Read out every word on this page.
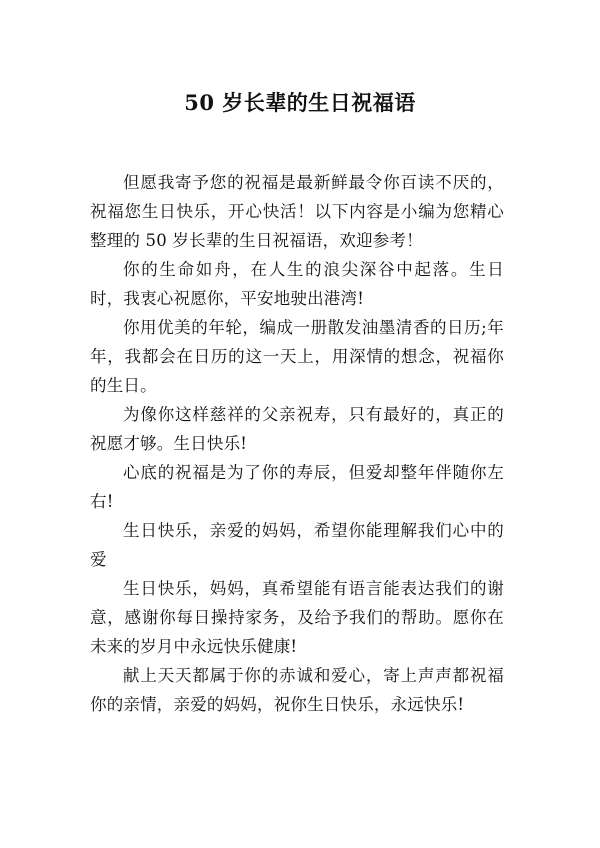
50 岁长辈的生日祝福语

但愿我寄予您的祝福是最新鲜最令你百读不厌的，祝福您生日快乐，开心快活！以下内容是小编为您精心整理的 50 岁长辈的生日祝福语，欢迎参考！

你的生命如舟，在人生的浪尖深谷中起落。生日时，我衷心祝愿你，平安地驶出港湾!

你用优美的年轮，编成一册散发油墨清香的日历;年年，我都会在日历的这一天上，用深情的想念，祝福你的生日。

为像你这样慈祥的父亲祝寿，只有最好的，真正的祝愿才够。生日快乐!

心底的祝福是为了你的寿辰，但爱却整年伴随你左右!

生日快乐，亲爱的妈妈，希望你能理解我们心中的爱

生日快乐，妈妈，真希望能有语言能表达我们的谢意，感谢你每日操持家务，及给予我们的帮助。愿你在未来的岁月中永远快乐健康!

献上天天都属于你的赤诚和爱心，寄上声声都祝福你的亲情，亲爱的妈妈，祝你生日快乐，永远快乐!
